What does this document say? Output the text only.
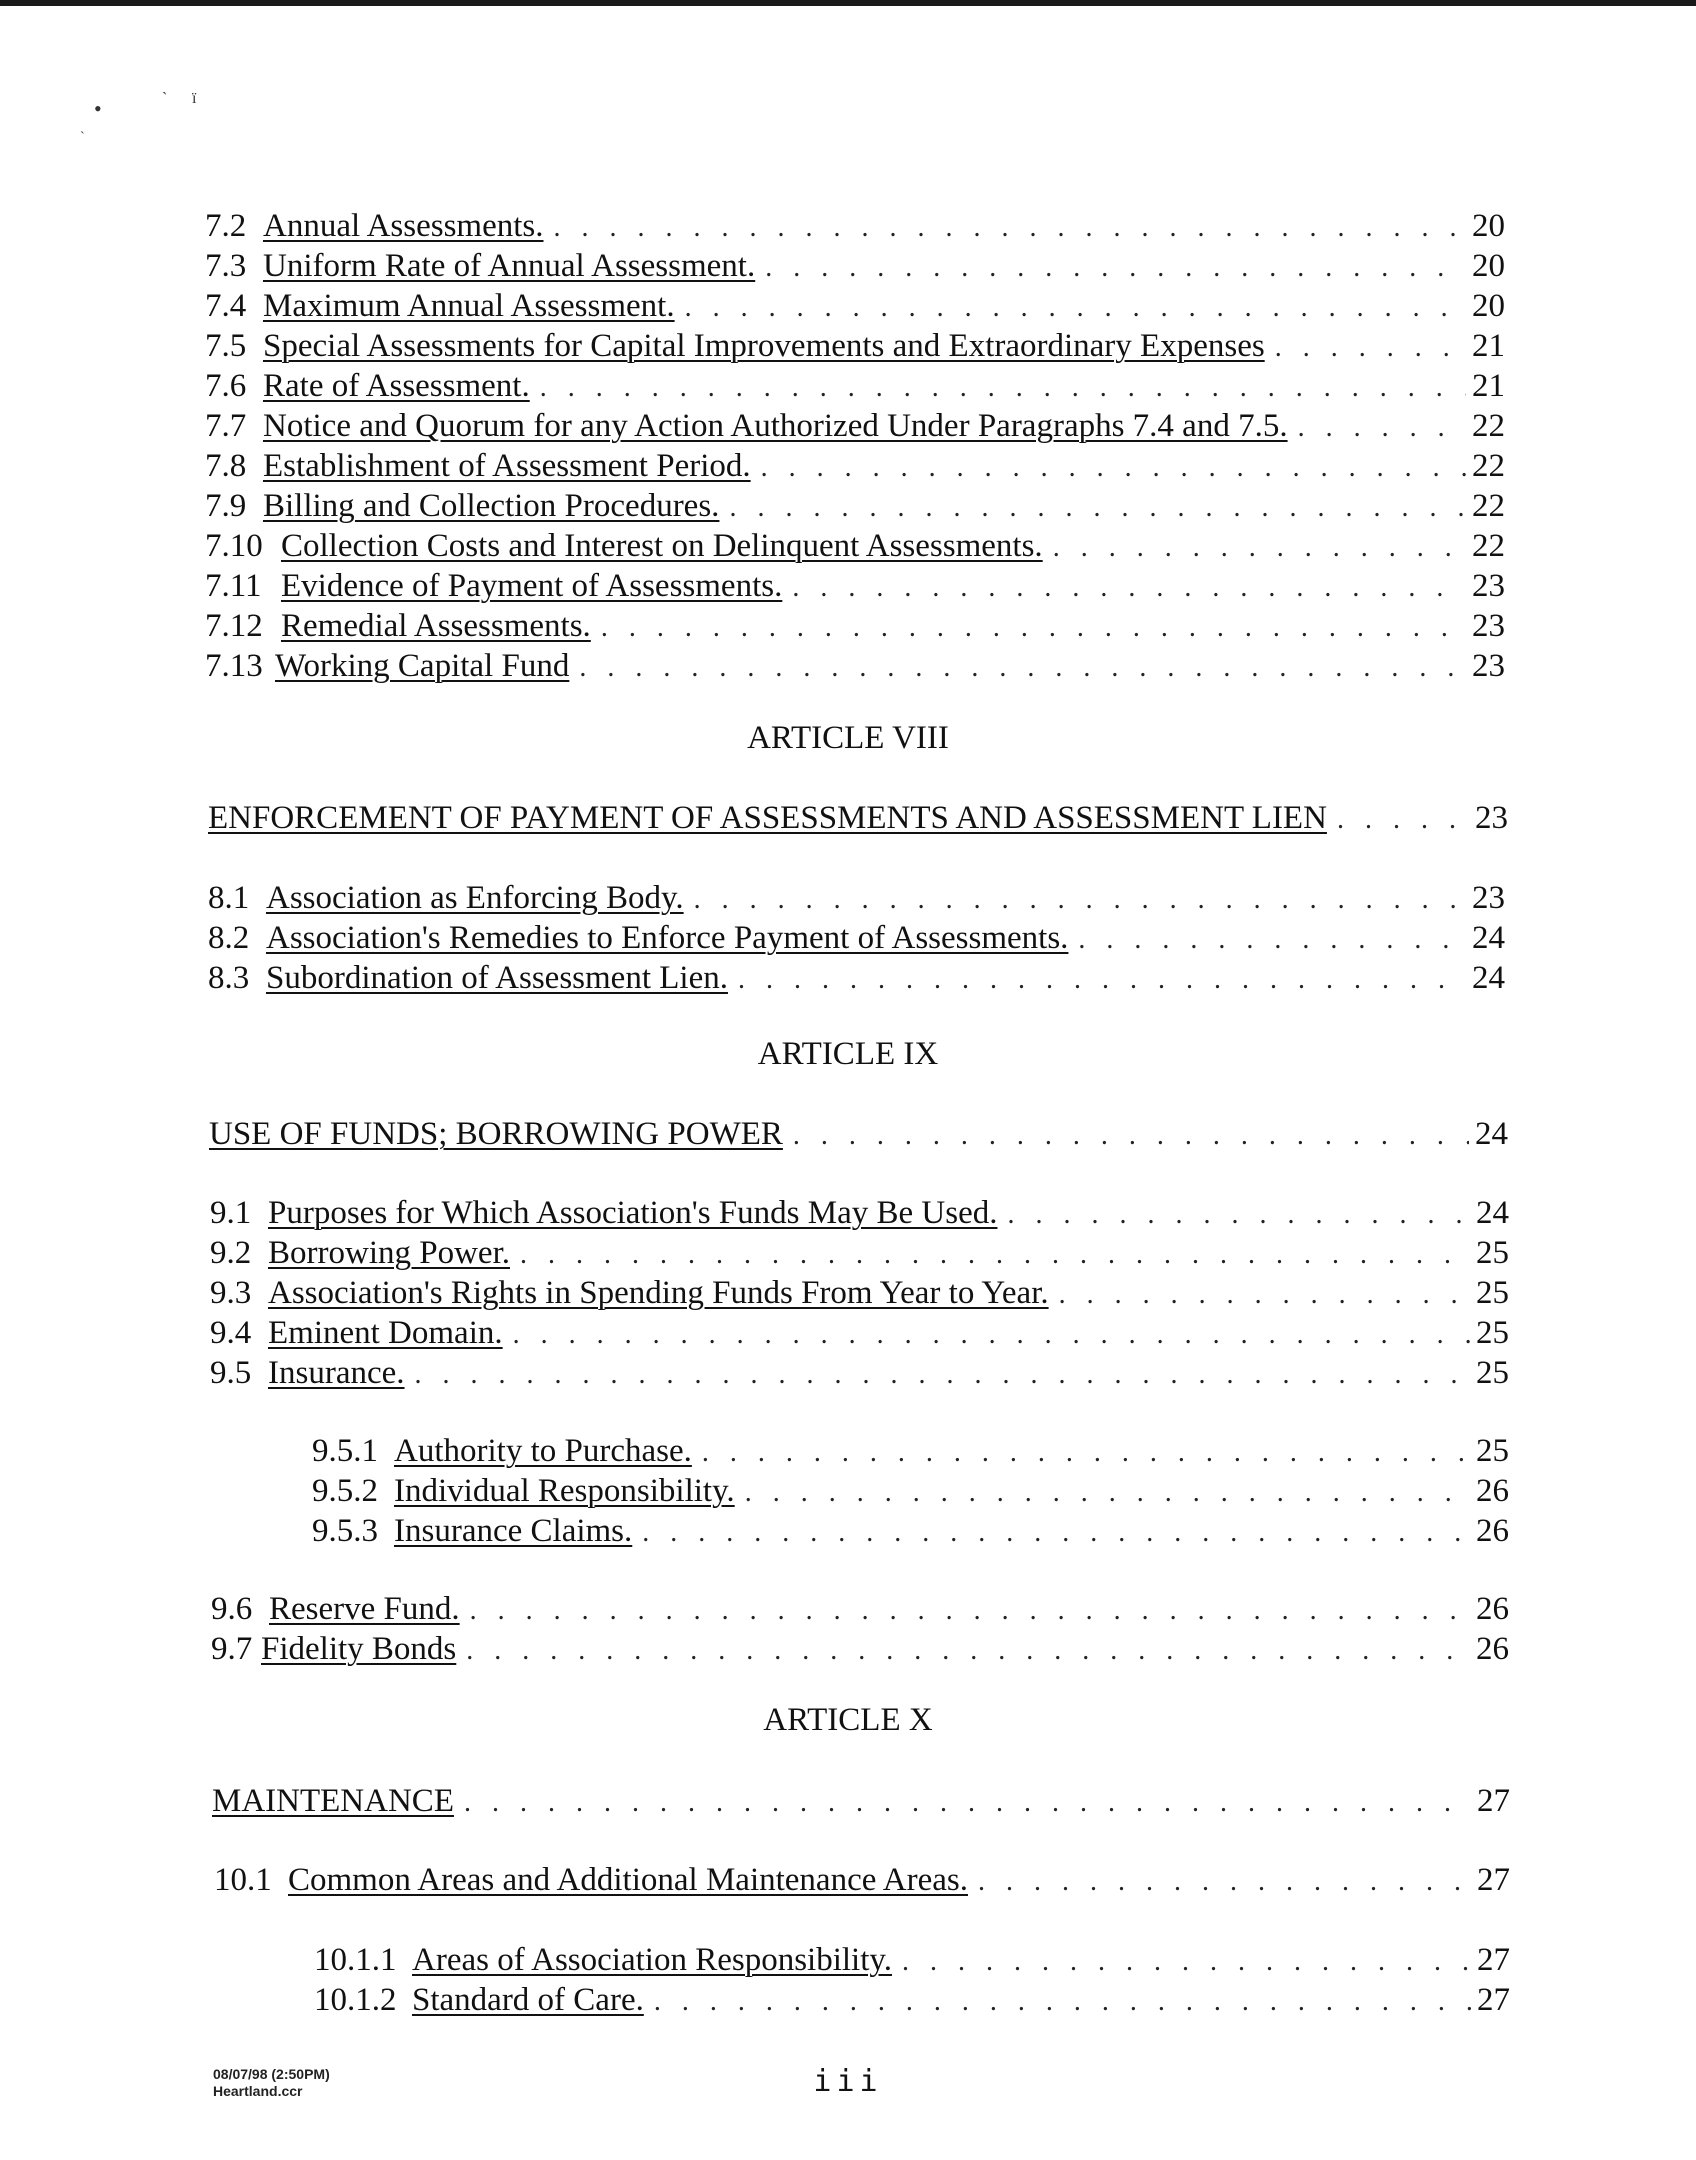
•	ˋ ï
ˋ
7.2 Annual Assessments. . . .	20
7.3 Uniform Rate of Annual Assessment. . . .	20
7.4 Maximum Annual Assessment. . . .	20
7.5 Special Assessments for Capital Improvements and Extraordinary Expenses . . .	21
7.6 Rate of Assessment. . . .	21
7.7 Notice and Quorum for any Action Authorized Under Paragraphs 7.4 and 7.5. . . .	22
7.8 Establishment of Assessment Period. . . .	22
7.9 Billing and Collection Procedures. . . .	22
7.10 Collection Costs and Interest on Delinquent Assessments. . . .	22
7.11 Evidence of Payment of Assessments. . . .	23
7.12 Remedial Assessments. . . .	23
7.13 Working Capital Fund . . .	23
ARTICLE VIII
ENFORCEMENT OF PAYMENT OF ASSESSMENTS AND ASSESSMENT LIEN . . .	23
8.1 Association as Enforcing Body. . . .	23
8.2 Association's Remedies to Enforce Payment of Assessments. . . .	24
8.3 Subordination of Assessment Lien. . . .	24
ARTICLE IX
USE OF FUNDS; BORROWING POWER . . .	24
9.1 Purposes for Which Association's Funds May Be Used. . . .	24
9.2 Borrowing Power. . . .	25
9.3 Association's Rights in Spending Funds From Year to Year. . . .	25
9.4 Eminent Domain. . . .	25
9.5 Insurance. . . .	25
9.5.1 Authority to Purchase. . . .	25
9.5.2 Individual Responsibility. . . .	26
9.5.3 Insurance Claims. . . .	26
9.6 Reserve Fund. . . .	26
9.7 Fidelity Bonds . . .	26
ARTICLE X
MAINTENANCE . . .	27
10.1 Common Areas and Additional Maintenance Areas. . . .	27
10.1.1 Areas of Association Responsibility. . . .	27
10.1.2 Standard of Care. . . .	27
08/07/98 (2:50PM)
Heartland.ccr	iii
